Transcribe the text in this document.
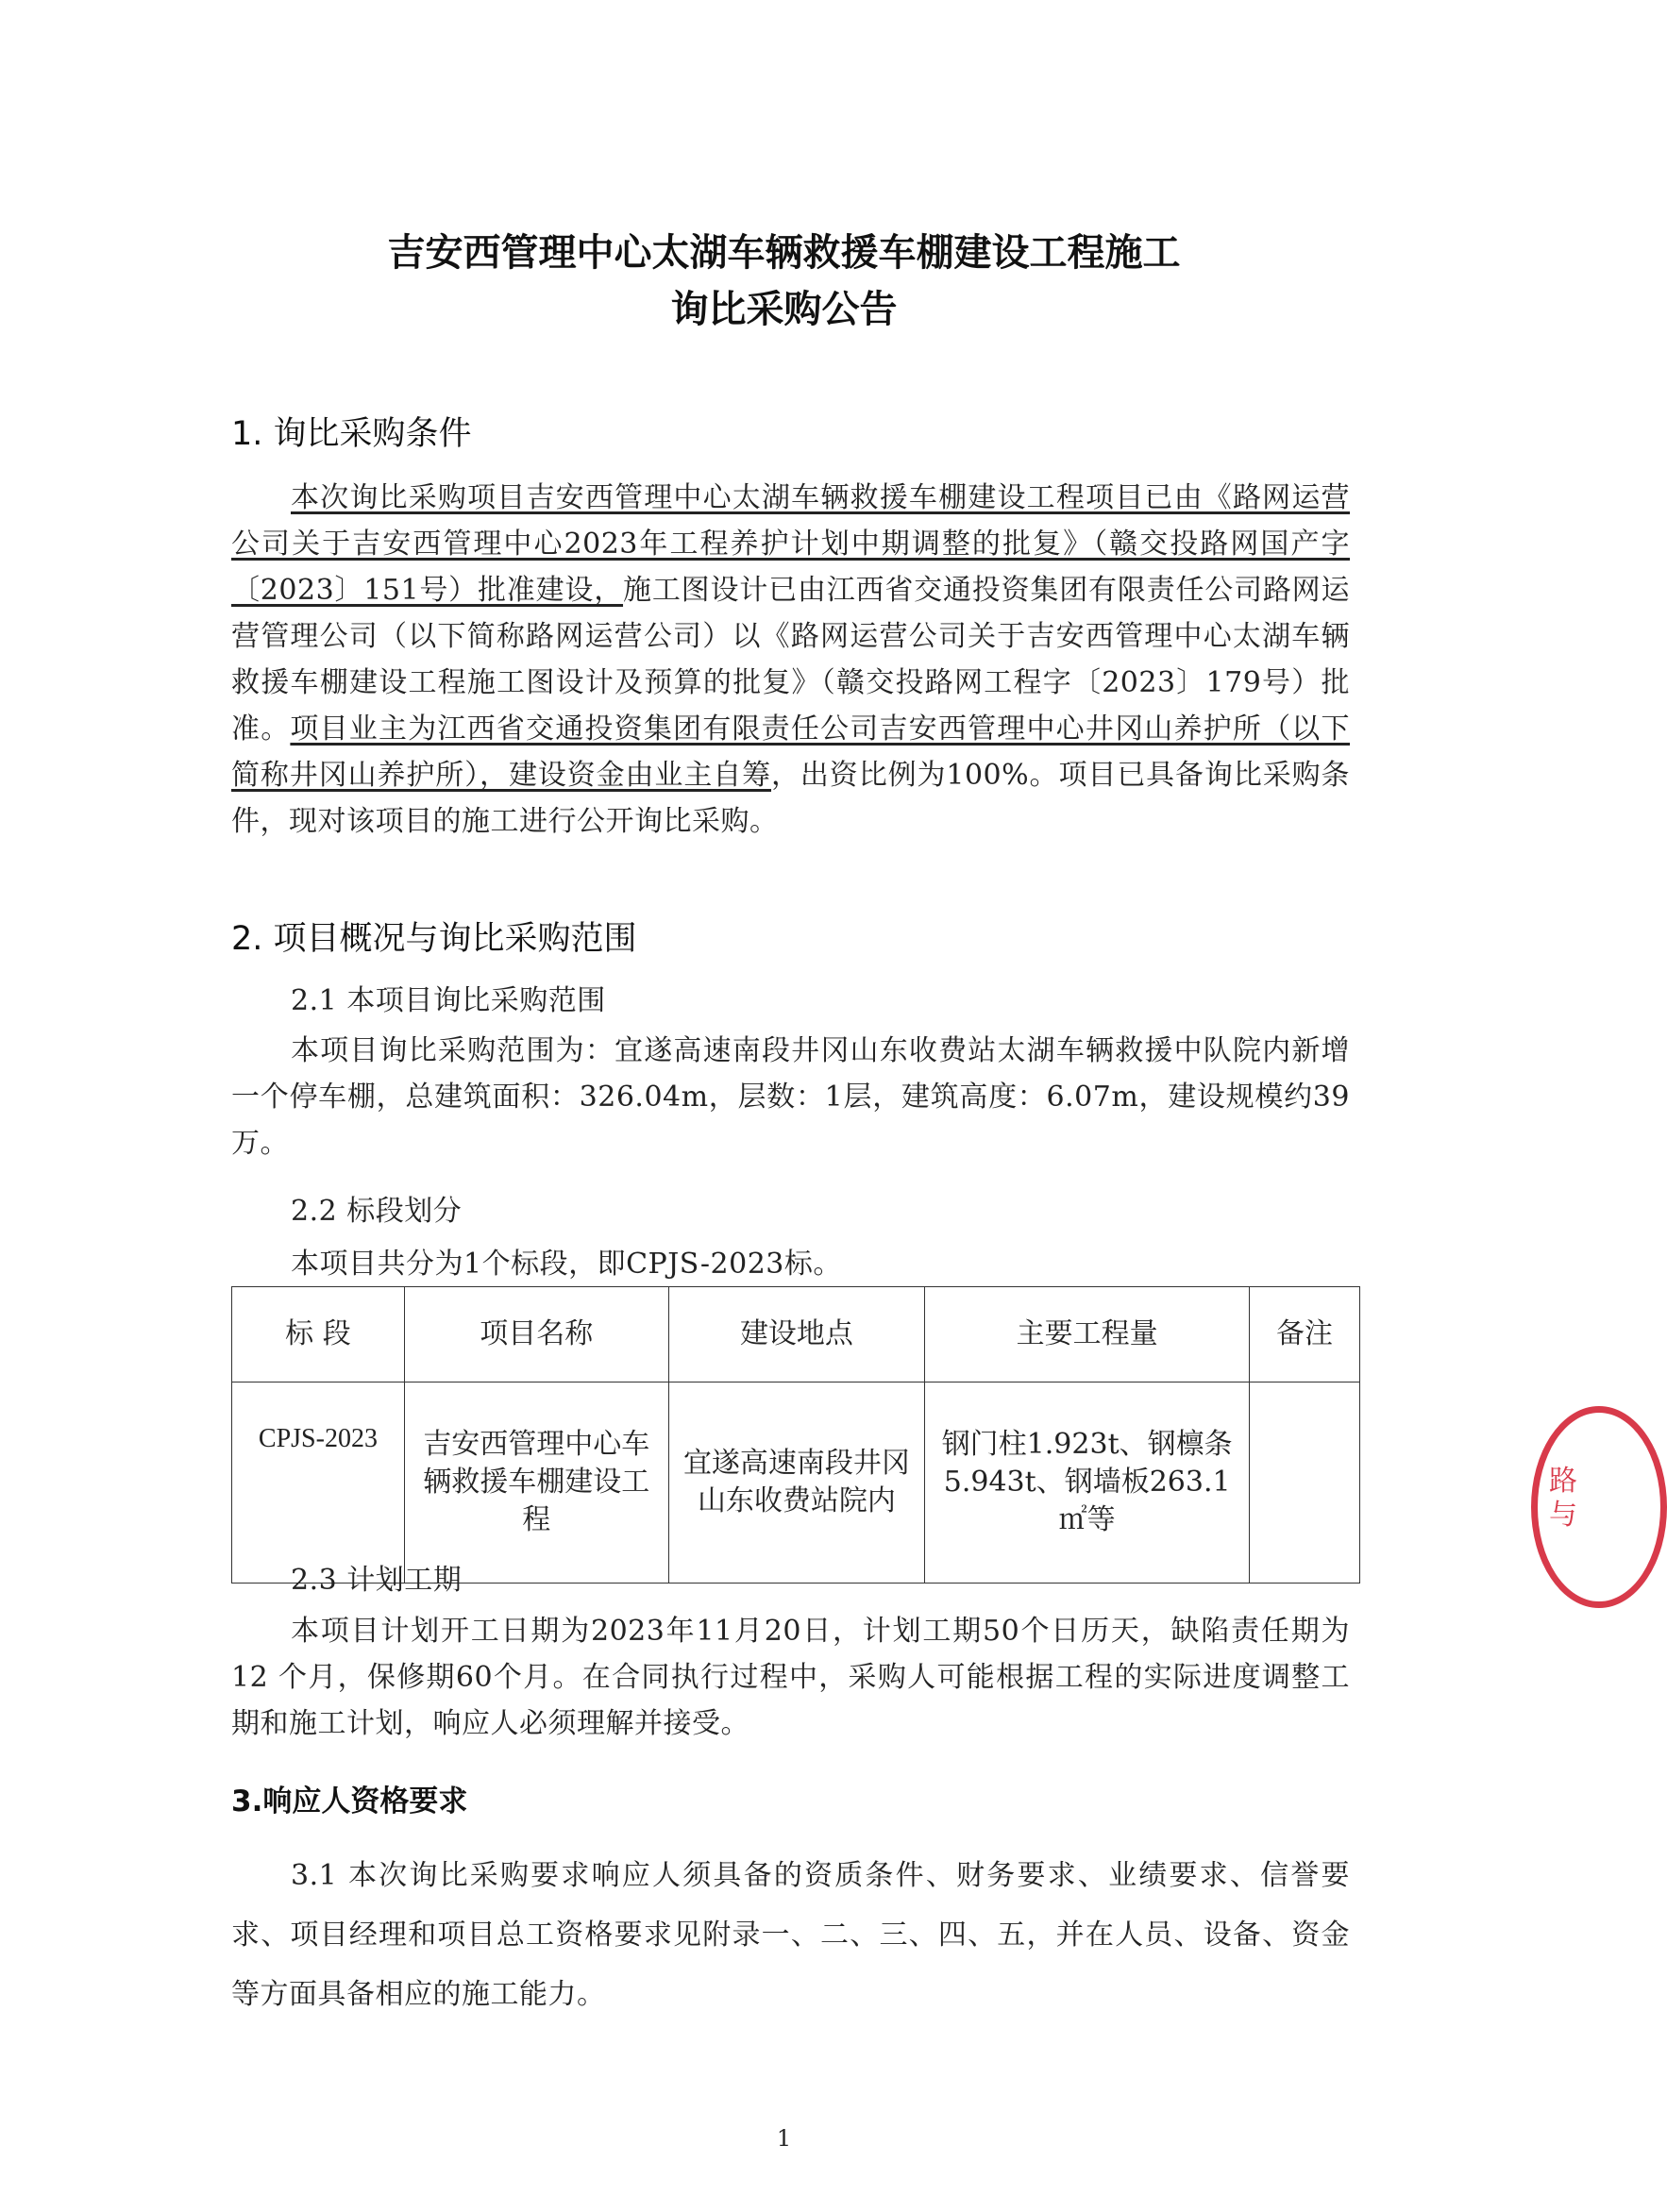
吉安西管理中心太湖车辆救援车棚建设工程施工
询比采购公告
1. 询比采购条件

本次询比采购项目吉安西管理中心太湖车辆救援车棚建设工程项目已由《路网运营公司关于吉安西管理中心2023年工程养护计划中期调整的批复》（赣交投路网国产字〔2023〕151号）批准建设，施工图设计已由江西省交通投资集团有限责任公司路网运营管理公司（以下简称路网运营公司）以《路网运营公司关于吉安西管理中心太湖车辆救援车棚建设工程施工图设计及预算的批复》（赣交投路网工程字〔2023〕179号）批准。项目业主为江西省交通投资集团有限责任公司吉安西管理中心井冈山养护所（以下简称井冈山养护所），建设资金由业主自筹，出资比例为100%。项目已具备询比采购条件，现对该项目的施工进行公开询比采购。

2. 项目概况与询比采购范围
2.1 本项目询比采购范围

本项目询比采购范围为：宜遂高速南段井冈山东收费站太湖车辆救援中队院内新增一个停车棚，总建筑面积：326.04m，层数：1层，建筑高度：6.07m，建设规模约39万。

2.2 标段划分
本项目共分为1个标段，即CPJS-2023标。
标 段	项目名称	建设地点	主要工程量	备注
CPJS-2023	吉安西管理中心车辆救援车棚建设工程	宜遂高速南段井冈山东收费站院内	钢门柱1.923t、钢檩条5.943t、钢墙板263.1㎡等	
2.3 计划工期

本项目计划开工日期为2023年11月20日，计划工期50个日历天，缺陷责任期为 12 个月，保修期60个月。在合同执行过程中，采购人可能根据工程的实际进度调整工期和施工计划，响应人必须理解并接受。

3.响应人资格要求

3.1 本次询比采购要求响应人须具备的资质条件、财务要求、业绩要求、信誉要求、项目经理和项目总工资格要求见附录一、二、三、四、五，并在人员、设备、资金等方面具备相应的施工能力。

1
路
与
